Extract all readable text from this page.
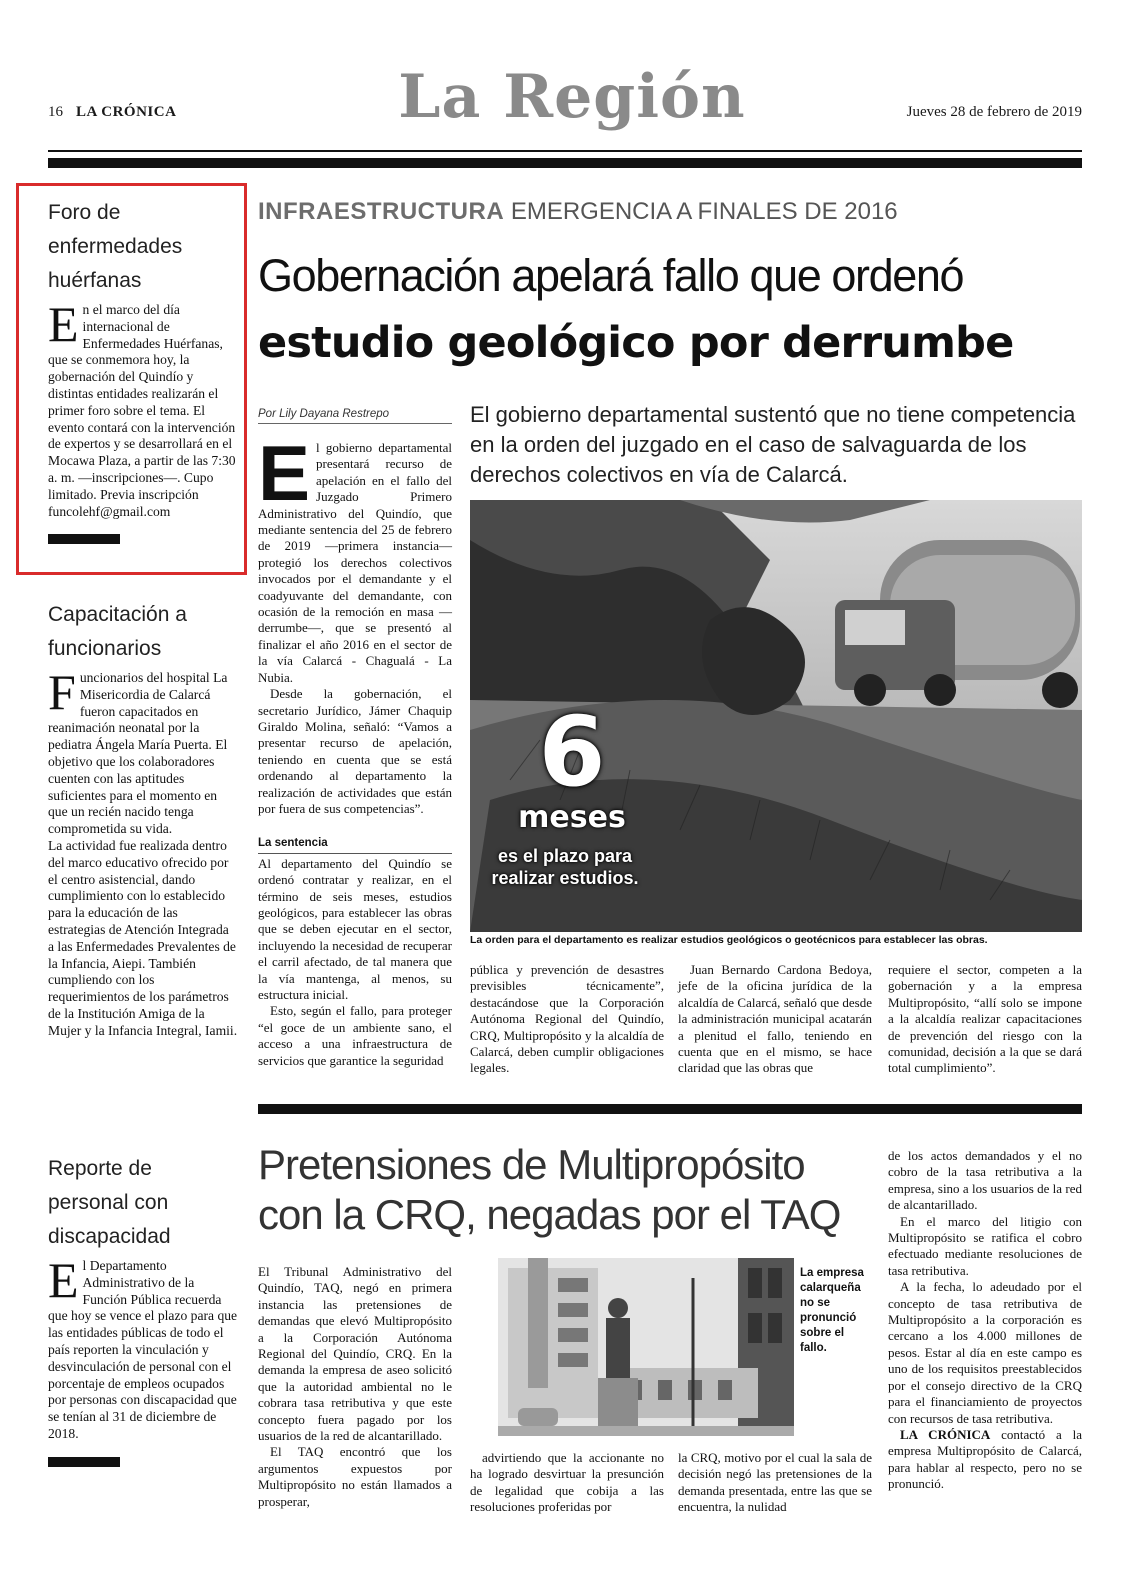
16 LA CRÓNICA	La Región	Jueves 28 de febrero de 2019
Foro de enfermedades huérfanas
En el marco del día internacional de Enfermedades Huérfanas, que se conmemora hoy, la gobernación del Quindío y distintas entidades realizarán el primer foro sobre el tema. El evento contará con la intervención de expertos y se desarrollará en el Mocawa Plaza, a partir de las 7:30 a. m. —inscripciones—. Cupo limitado. Previa inscripción funcolehf@gmail.com
Capacitación a funcionarios
Funcionarios del hospital La Misericordia de Calarcá fueron capacitados en reanimación neonatal por la pediatra Ángela María Puerta. El objetivo que los colaboradores cuenten con las aptitudes suficientes para el momento en que un recién nacido tenga comprometida su vida.
La actividad fue realizada dentro del marco educativo ofrecido por el centro asistencial, dando cumplimiento con lo establecido para la educación de las estrategias de Atención Integrada a las Enfermedades Prevalentes de la Infancia, Aiepi. También cumpliendo con los requerimientos de los parámetros de la Institución Amiga de la Mujer y la Infancia Integral, Iamii.
Reporte de personal con discapacidad
El Departamento Administrativo de la Función Pública recuerda que hoy se vence el plazo para que las entidades públicas de todo el país reporten la vinculación y desvinculación de personal con el porcentaje de empleos ocupados por personas con discapacidad que se tenían al 31 de diciembre de 2018.
INFRAESTRUCTURA EMERGENCIA A FINALES DE 2016
Gobernación apelará fallo que ordenó
estudio geológico por derrumbe
Por Lily Dayana Restrepo	El gobierno departamental sustentó que no tiene competencia en la orden del juzgado en el caso de salvaguarda de los derechos colectivos en vía de Calarcá.

El gobierno departamental presentará recurso de apelación en el fallo del Juzgado Primero Administrativo del Quindío, que mediante sentencia del 25 de febrero de 2019 —primera instancia— protegió los derechos colectivos invocados por el demandante y el coadyuvante del demandante, con ocasión de la remoción en masa —derrumbe—, que se presentó al finalizar el año 2016 en el sector de la vía Calarcá - Chagualá - La Nubia.

Desde la gobernación, el secretario Jurídico, Jámer Chaquip Giraldo Molina, señaló: “Vamos a presentar recurso de apelación, teniendo en cuenta que se está ordenando al departamento la realización de actividades que están por fuera de sus competencias”.

La sentencia

Al departamento del Quindío se ordenó contratar y realizar, en el término de seis meses, estudios geológicos, para establecer las obras que se deben ejecutar en el sector, incluyendo la necesidad de recuperar el carril afectado, de tal manera que la vía mantenga, al menos, su estructura inicial.

Esto, según el fallo, para proteger “el goce de un ambiente sano, el acceso a una infraestructura de servicios que garantice la seguridad

6
meses
es el plazo para realizar estudios.
La orden para el departamento es realizar estudios geológicos o geotécnicos para establecer las obras.

pública y prevención de desastres previsibles técnicamente”, destacándose que la Corporación Autónoma Regional del Quindío, CRQ, Multipropósito y la alcaldía de Calarcá, deben cumplir obligaciones legales.

Juan Bernardo Cardona Bedoya, jefe de la oficina jurídica de la alcaldía de Calarcá, señaló que desde la administración municipal acatarán a plenitud el fallo, teniendo en cuenta que en el mismo, se hace claridad que las obras que

requiere el sector, competen a la gobernación y a la empresa Multipropósito, “allí solo se impone a la alcaldía realizar capacitaciones de prevención del riesgo con la comunidad, decisión a la que se dará total cumplimiento”.

Pretensiones de Multipropósito
con la CRQ, negadas por el TAQ

El Tribunal Administrativo del Quindío, TAQ, negó en primera instancia las pretensiones de demandas que elevó Multipropósito a la Corporación Autónoma Regional del Quindío, CRQ. En la demanda la empresa de aseo solicitó que la autoridad ambiental no le cobrara tasa retributiva y que este concepto fuera pagado por los usuarios de la red de alcantarillado.

El TAQ encontró que los argumentos expuestos por Multipropósito no están llamados a prosperar,

La empresa calarqueña no se pronunció sobre el fallo.

advirtiendo que la accionante no ha logrado desvirtuar la presunción de legalidad que cobija a las resoluciones proferidas por

la CRQ, motivo por el cual la sala de decisión negó las pretensiones de la demanda presentada, entre las que se encuentra, la nulidad

de los actos demandados y el no cobro de la tasa retributiva a la empresa, sino a los usuarios de la red de alcantarillado.

En el marco del litigio con Multipropósito se ratifica el cobro efectuado mediante resoluciones de tasa retributiva.

A la fecha, lo adeudado por el concepto de tasa retributiva de Multipropósito a la corporación es cercano a los 4.000 millones de pesos. Estar al día en este campo es uno de los requisitos preestablecidos por el consejo directivo de la CRQ para el financiamiento de proyectos con recursos de tasa retributiva.

LA CRÓNICA contactó a la empresa Multipropósito de Calarcá, para hablar al respecto, pero no se pronunció.
